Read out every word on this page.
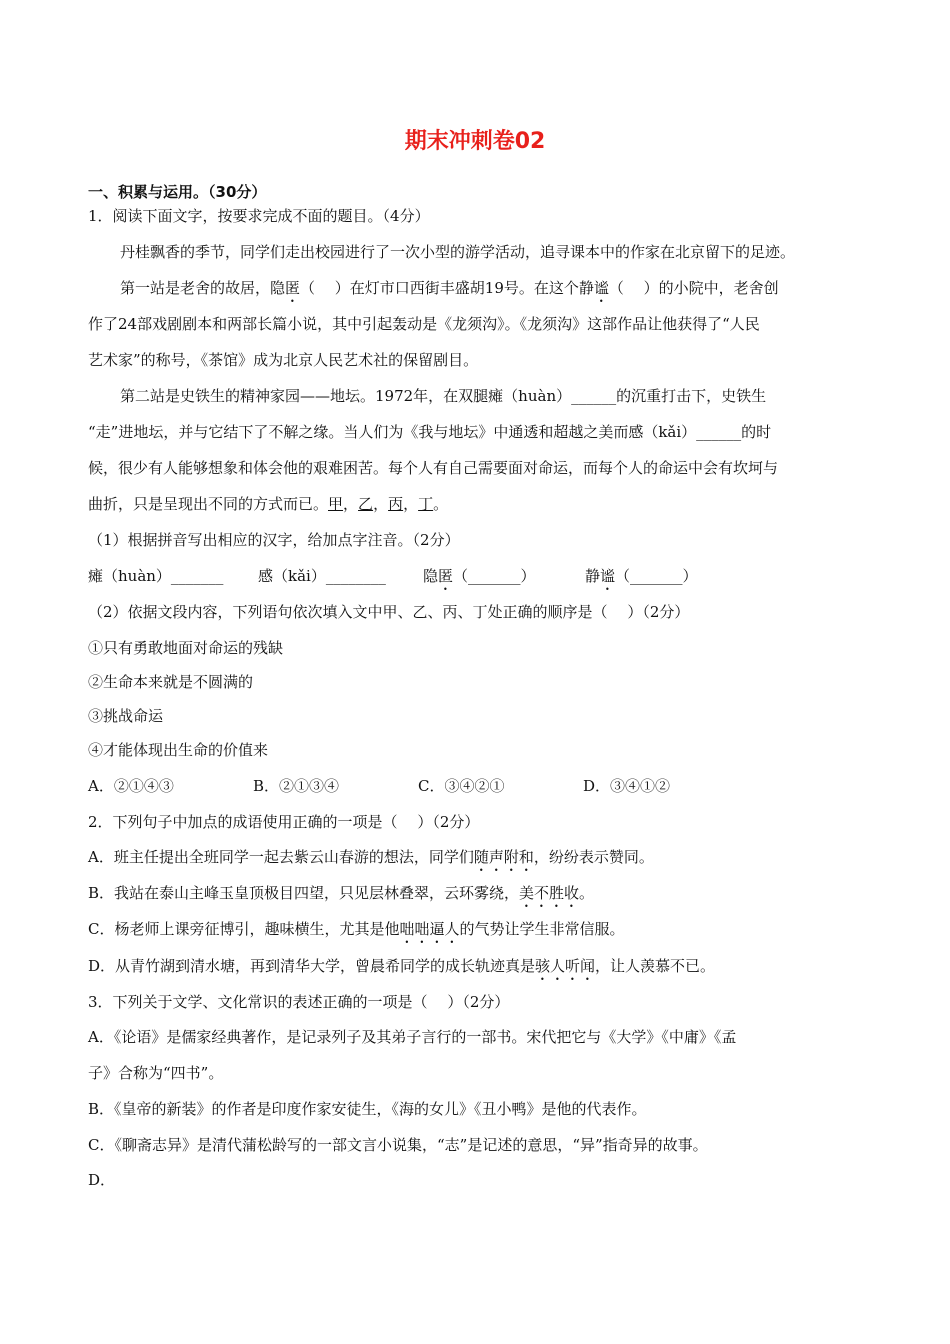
期末冲刺卷02
一、积累与运用。（30分）
1．阅读下面文字，按要求完成不面的题目。（4分）
丹桂飘香的季节，同学们走出校园进行了一次小型的游学活动，追寻课本中的作家在北京留下的足迹。
第一站是老舍的故居，隐匿（　 ）在灯市口西街丰盛胡19号。在这个静谧（　 ）的小院中，老舍创
作了24部戏剧剧本和两部长篇小说，其中引起轰动是《龙须沟》。《龙须沟》这部作品让他获得了“人民
艺术家”的称号，《茶馆》成为北京人民艺术社的保留剧目。
第二站是史铁生的精神家园——地坛。1972年，在双腿瘫（huàn）______的沉重打击下，史铁生
“走”进地坛，并与它结下了不解之缘。当人们为《我与地坛》中通透和超越之美而感（kǎi）______的时
候，很少有人能够想象和体会他的艰难困苦。每个人有自己需要面对命运，而每个人的命运中会有坎坷与
曲折，只是呈现出不同的方式而已。甲，乙，丙，丁。
（1）根据拼音写出相应的汉字，给加点字注音。（2分）
瘫（huàn）_______ 感（kǎi）________ 隐匿（_______）	静谧（_______）
（2）依据文段内容，下列语句依次填入文中甲、乙、丙、丁处正确的顺序是（　 ）（2分）
①只有勇敢地面对命运的残缺
②生命本来就是不圆满的
③挑战命运
④才能体现出生命的价值来
A．②①④③	B．②①③④	C．③④②①	D．③④①②
2．下列句子中加点的成语使用正确的一项是（　 ）（2分）
A．班主任提出全班同学一起去紫云山春游的想法，同学们随声附和，纷纷表示赞同。
B．我站在泰山主峰玉皇顶极目四望，只见层林叠翠，云环雾绕，美不胜收。
C．杨老师上课旁征博引，趣味横生，尤其是他咄咄逼人的气势让学生非常信服。
D．从青竹湖到清水塘，再到清华大学，曾晨希同学的成长轨迹真是骇人听闻，让人羡慕不已。
3．下列关于文学、文化常识的表述正确的一项是（　 ）（2分）
A．《论语》是儒家经典著作，是记录列子及其弟子言行的一部书。宋代把它与《大学》《中庸》《孟
子》合称为“四书”。
B．《皇帝的新装》的作者是印度作家安徒生，《海的女儿》《丑小鸭》是他的代表作。
C．《聊斋志异》是清代蒲松龄写的一部文言小说集，“志”是记述的意思，“异”指奇异的故事。
D．
